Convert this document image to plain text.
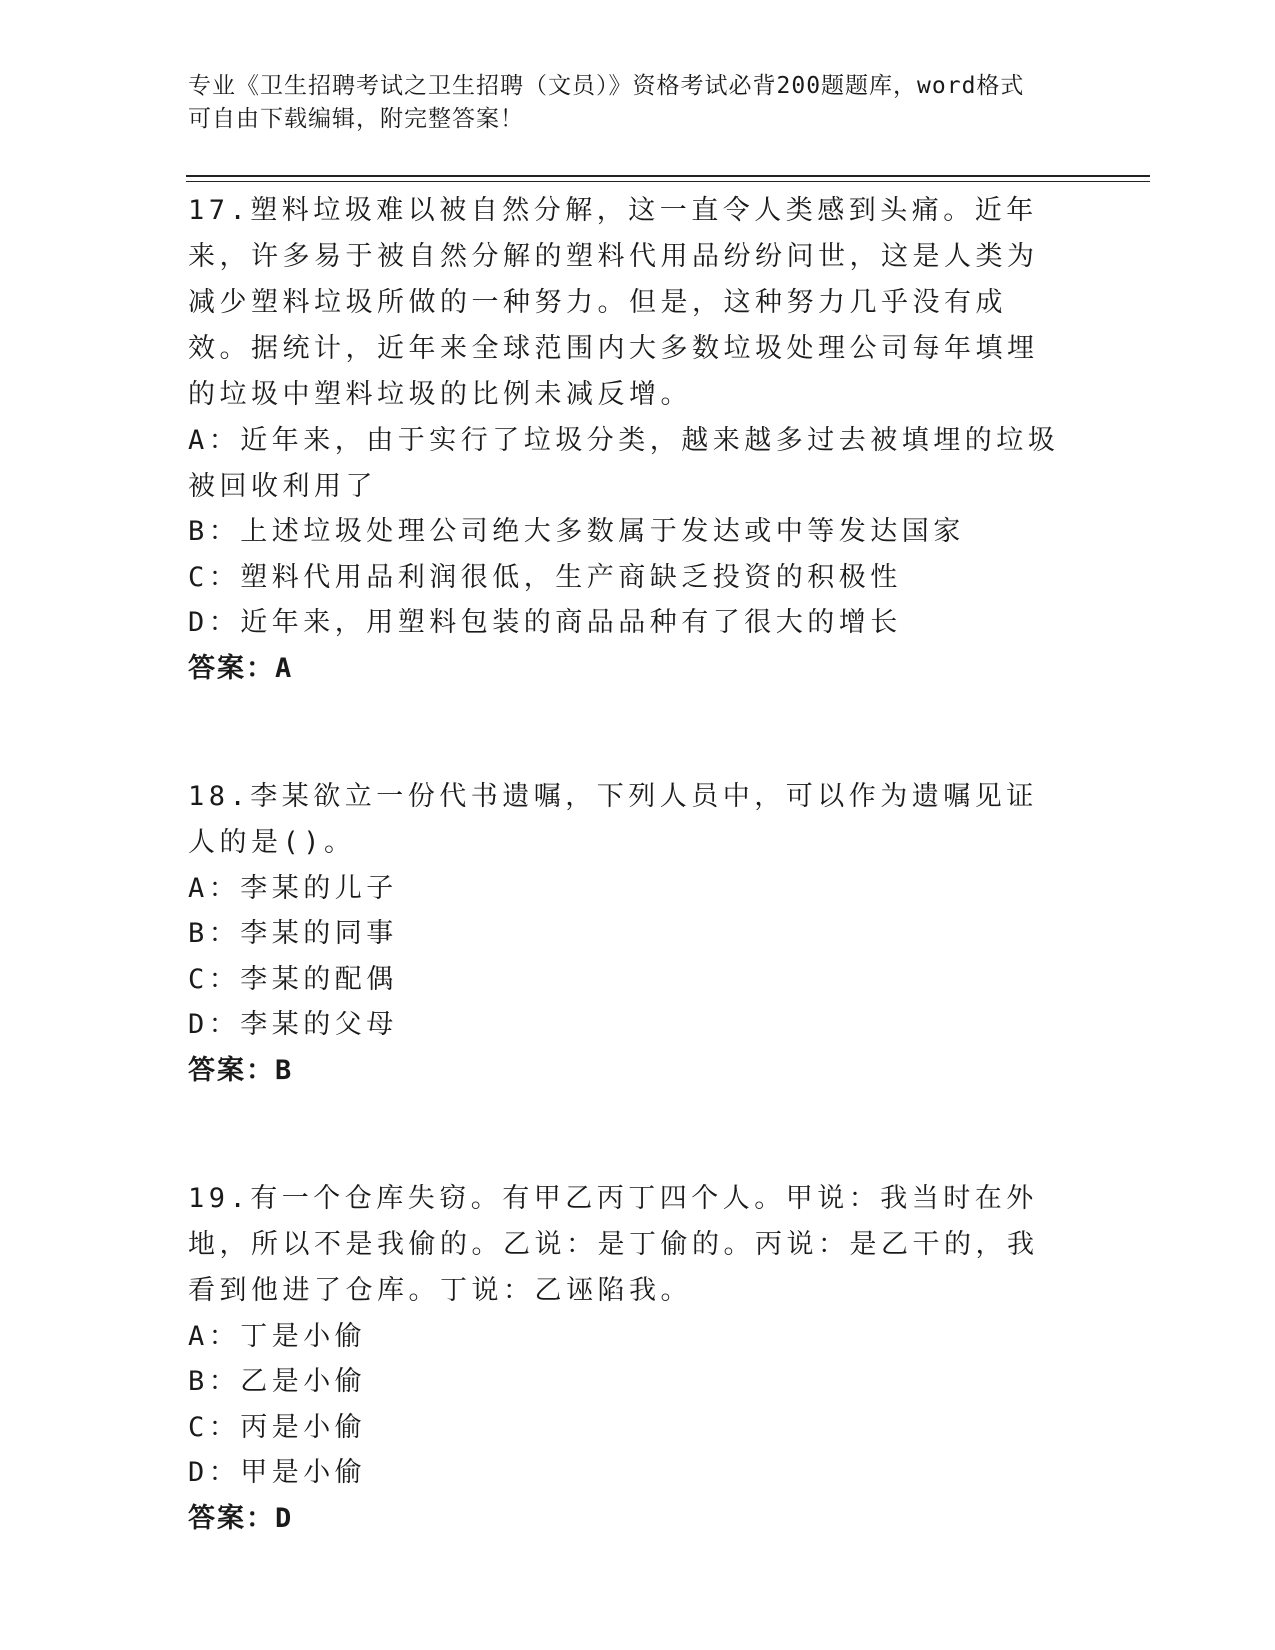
专业《卫生招聘考试之卫生招聘（文员）》资格考试必背200题题库，word格式
可自由下载编辑，附完整答案！

17.塑料垃圾难以被自然分解，这一直令人类感到头痛。近年来，许多易于被自然分解的塑料代用品纷纷问世，这是人类为减少塑料垃圾所做的一种努力。但是，这种努力几乎没有成效。据统计，近年来全球范围内大多数垃圾处理公司每年填埋的垃圾中塑料垃圾的比例未减反增。

A：近年来，由于实行了垃圾分类，越来越多过去被填埋的垃圾被回收利用了

B：上述垃圾处理公司绝大多数属于发达或中等发达国家

C：塑料代用品利润很低，生产商缺乏投资的积极性

D：近年来，用塑料包装的商品品种有了很大的增长

答案：A

18.李某欲立一份代书遗嘱，下列人员中，可以作为遗嘱见证人的是()。

A：李某的儿子

B：李某的同事

C：李某的配偶

D：李某的父母

答案：B

19.有一个仓库失窃。有甲乙丙丁四个人。甲说：我当时在外地，所以不是我偷的。乙说：是丁偷的。丙说：是乙干的，我看到他进了仓库。丁说：乙诬陷我。

A：丁是小偷

B：乙是小偷

C：丙是小偷

D：甲是小偷

答案：D
